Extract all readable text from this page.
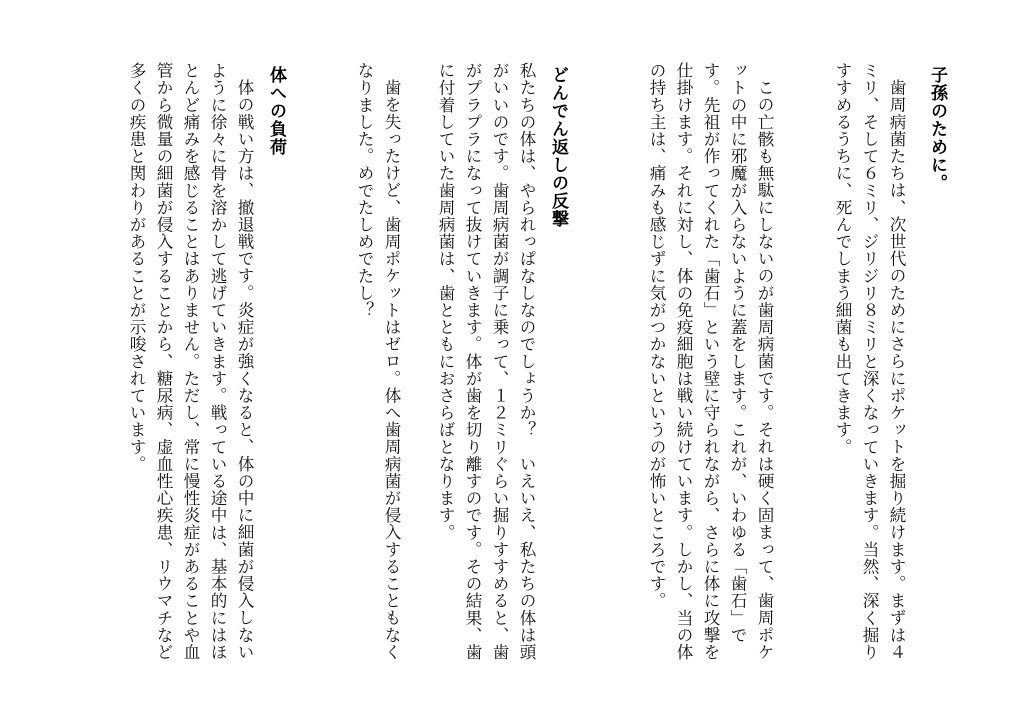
子孫のために。

歯周病菌たちは、次世代のためにさらにポケットを掘り続けます。まずは４ミリ、そして６ミリ、ジリジリ８ミリと深くなっていきます。当然、深く掘りすすめるうちに、死んでしまう細菌も出てきます。

この亡骸も無駄にしないのが歯周病菌です。それは硬く固まって、歯周ポケットの中に邪魔が入らないように蓋をします。これが、いわゆる「歯石」です。先祖が作ってくれた「歯石」という壁に守られながら、さらに体に攻撃を仕掛けます。それに対し、体の免疫細胞は戦い続けています。しかし、当の体の持ち主は、痛みも感じずに気がつかないというのが怖いところです。

どんでん返しの反撃

私たちの体は、やられっぱなしなのでしょうか？　いえいえ、私たちの体は頭がいいのです。歯周病菌が調子に乗って、１２ミリぐらい掘りすすめると、歯がプラプラになって抜けていきます。体が歯を切り離すのです。その結果、歯に付着していた歯周病菌は、歯とともにおさらばとなります。

歯を失ったけど、歯周ポケットはゼロ。体へ歯周病菌が侵入することもなくなりました。めでたしめでたし？

体への負荷

体の戦い方は、撤退戦です。炎症が強くなると、体の中に細菌が侵入しないように徐々に骨を溶かして逃げていきます。戦っている途中は、基本的にはほとんど痛みを感じることはありません。ただし、常に慢性炎症があることや血管から微量の細菌が侵入することから、糖尿病、虚血性心疾患、リウマチなど多くの疾患と関わりがあることが示唆されています。
